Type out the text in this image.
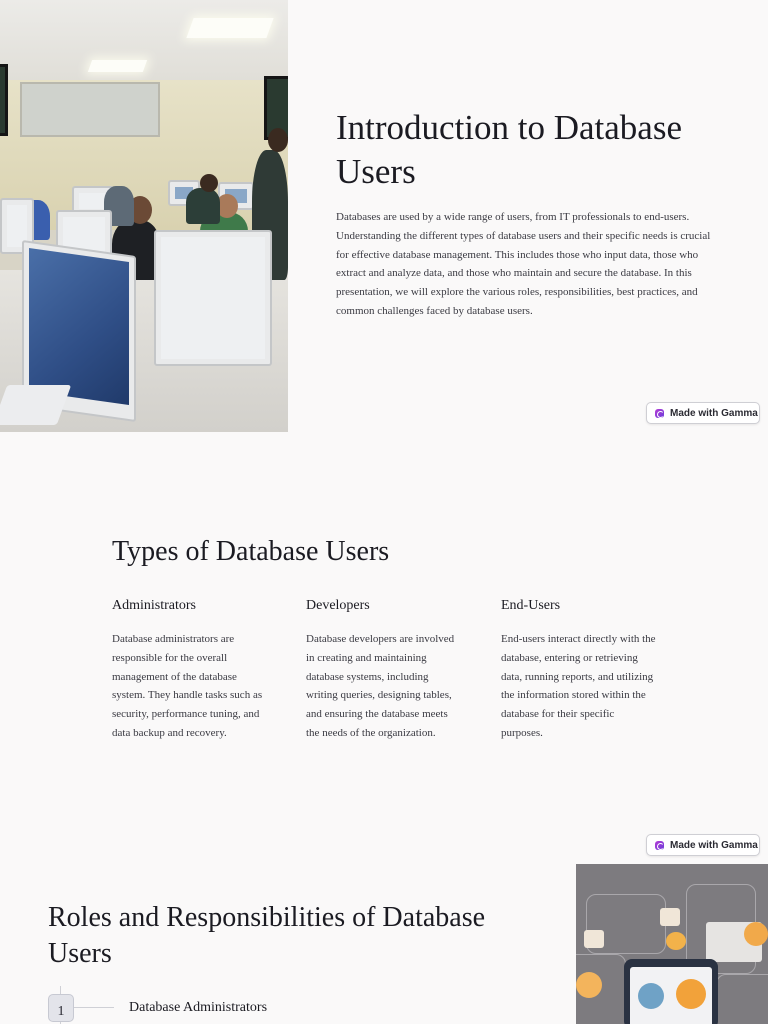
Introduction to Database Users

Databases are used by a wide range of users, from IT professionals to end-users. Understanding the different types of database users and their specific needs is crucial for effective database management. This includes those who input data, those who extract and analyze data, and those who maintain and secure the database. In this presentation, we will explore the various roles, responsibilities, best practices, and common challenges faced by database users.

Made with Gamma
Types of Database Users
Administrators

Database administrators are responsible for the overall management of the database system. They handle tasks such as security, performance tuning, and data backup and recovery.

Developers

Database developers are involved in creating and maintaining database systems, including writing queries, designing tables, and ensuring the database meets the needs of the organization.

End-Users

End-users interact directly with the database, entering or retrieving data, running reports, and utilizing the information stored within the database for their specific purposes.

Made with Gamma
Roles and Responsibilities of Database Users
1	Database Administrators
